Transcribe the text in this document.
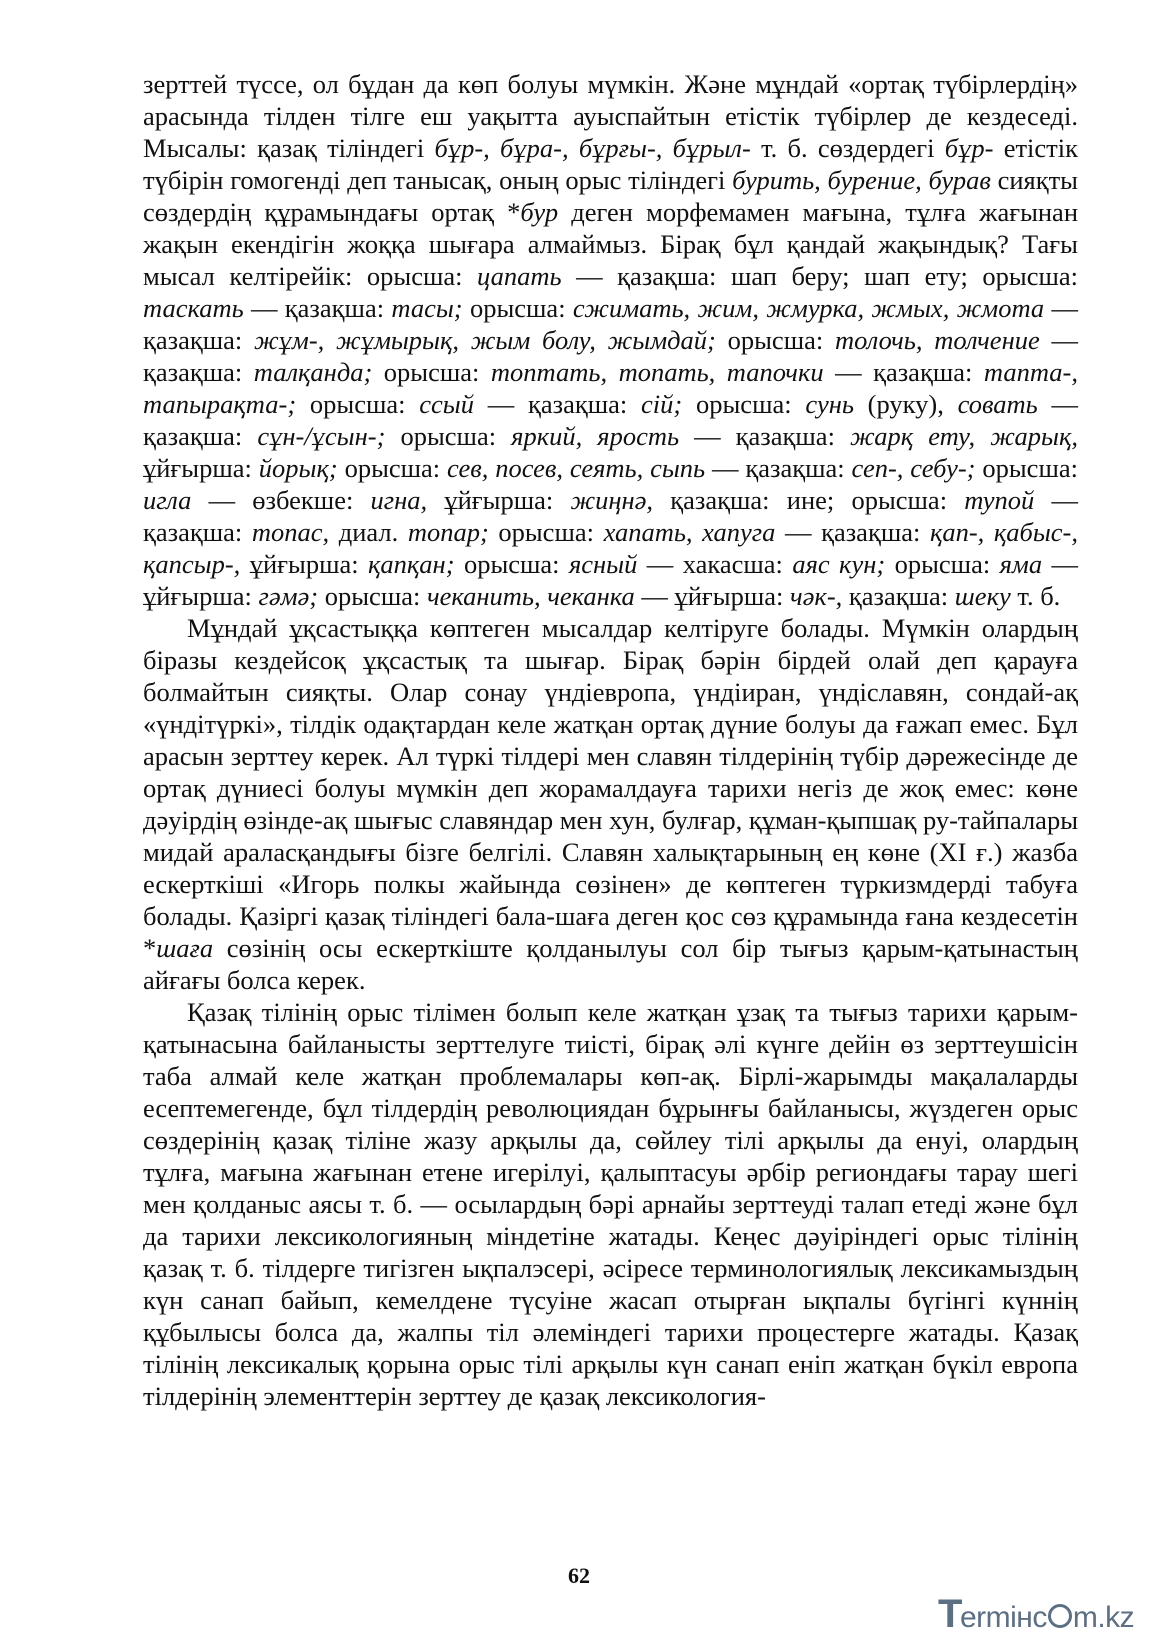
зерттей түссе, ол бұдан да көп болуы мүмкін. Және мұндай «ортақ түбірлердің» арасында тілден тілге еш уақытта ауыспайтын етістік түбірлер де кездеседі. Мысалы: қазақ тіліндегі бұр-, бұра-, бұрғы-, бұрыл- т. б. сөздердегі бұр- етістік түбірін гомогенді деп танысақ, оның орыс тіліндегі бурить, бурение, бурав сияқты сөздердің құрамындағы ортақ *бур деген морфемамен мағына, тұлға жағынан жақын екендігін жоққа шығара алмаймыз. Бірақ бұл қандай жақындық? Тағы мысал келтірейік: орысша: цапать — қазақша: шап беру; шап ету; орысша: таскать — қазақша: тасы; орысша: сжимать, жим, жмурка, жмых, жмота — қазақша: жұм-, жұмырық, жым болу, жымдай; орысша: толочь, толчение — қазақша: талқанда; орысша: топтать, топать, тапочки — қазақша: тапта-, тапырақта-; орысша: ссый — қазақша: сій; орысша: сунь (руку), совать — қазақша: сұн-/ұсын-; орысша: яркий, ярость — қазақша: жарқ ету, жарық, ұйғырша: йорық; орысша: сев, посев, сеять, сыпь — қазақша: сеп-, себу-; орысша: игла — өзбекше: игна, ұйғырша: жиңнә, қазақша: ине; орысша: тупой — қазақша: топас, диал. топар; орысша: хапать, хапуга — қазақша: қап-, қабыс-, қапсыр-, ұйғырша: қапқан; орысша: ясный — хакасша: аяс кун; орысша: яма — ұйғырша: гәмә; орысша: чеканить, чеканка — ұйғырша: чәк-, қазақша: шеку т. б.

Мұндай ұқсастыққа көптеген мысалдар келтіруге болады. Мүмкін олардың біразы кездейсоқ ұқсастық та шығар. Бірақ бәрін бірдей олай деп қарауға болмайтын сияқты. Олар сонау үндіевропа, үндіиран, үндіславян, сондай-ақ «үндітүркі», тілдік одақтардан келе жатқан ортақ дүние болуы да ғажап емес. Бұл арасын зерттеу керек. Ал түркі тілдері мен славян тілдерінің түбір дәрежесінде де ортақ дүниесі болуы мүмкін деп жорамалдауға тарихи негіз де жоқ емес: көне дәуірдің өзінде-ақ шығыс славяндар мен хун, булғар, құман-қыпшақ ру-тайпалары мидай араласқандығы бізге белгілі. Славян халықтарының ең көне (XI ғ.) жазба ескерткіші «Игорь полкы жайында сөзінен» де көптеген түркизмдерді табуға болады. Қазіргі қазақ тіліндегі бала-шаға деген қос сөз құрамында ғана кездесетін *шаға сөзінің осы ескерткіште қолданылуы сол бір тығыз қарым-қатынастың айғағы болса керек.

Қазақ тілінің орыс тілімен болып келе жатқан ұзақ та тығыз тарихи қарым-қатынасына байланысты зерттелуге тиісті, бірақ әлі күнге дейін өз зерттеушісін таба алмай келе жатқан проблемалары көп-ақ. Бірлі-жарымды мақалаларды есептемегенде, бұл тілдердің революциядан бұрынғы байланысы, жүздеген орыс сөздерінің қазақ тіліне жазу арқылы да, сөйлеу тілі арқылы да енуі, олардың тұлға, мағына жағынан етене игерілуі, қалыптасуы әрбір региондағы тарау шегі мен қолданыс аясы т. б. — осылардың бәрі арнайы зерттеуді талап етеді және бұл да тарихи лексикологияның міндетіне жатады. Кеңес дәуіріндегі орыс тілінің қазақ т. б. тілдерге тигізген ықпалэсері, әсіресе терминологиялық лексикамыздың күн санап байып, кемелдене түсуіне жасап отырған ықпалы бүгінгі күннің құбылысы болса да, жалпы тіл әлеміндегі тарихи процестерге жатады. Қазақ тілінің лексикалық қорына орыс тілі арқылы күн санап еніп жатқан бүкіл европа тілдерінің элементтерін зерттеу де қазақ лексикология-

62
Termінc m.kz
